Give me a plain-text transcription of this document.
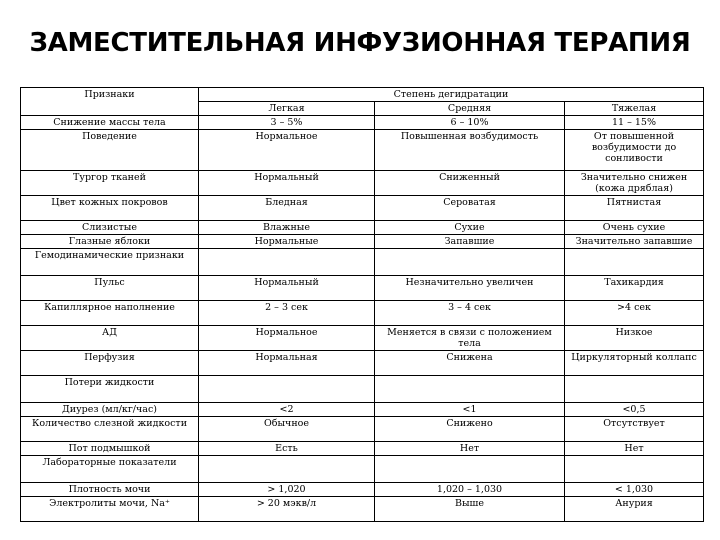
ЗАМЕСТИТЕЛЬНАЯ ИНФУЗИОННАЯ ТЕРАПИЯ
Признаки	Степень дегидратации		
	Легкая	Средняя	Тяжелая
Снижение массы тела	3 – 5%	6 – 10%	11 – 15%
Поведение	Нормальное	Повышенная возбудимость	От повышенной возбудимости до сонливости
Тургор тканей	Нормальный	Сниженный	Значительно снижен (кожа дряблая)
Цвет кожных покровов	Бледная	Сероватая	Пятнистая
Слизистые	Влажные	Сухие	Очень сухие
Глазные яблоки	Нормальные	Запавшие	Значительно запавшие
Гемодинамические признаки			
Пульс	Нормальный	Незначительно увеличен	Тахикардия
Капиллярное наполнение	2 – 3 сек	3 – 4 сек	>4 сек
АД	Нормальное	Меняется в связи с положением тела	Низкое
Перфузия	Нормальная	Снижена	Циркуляторный коллапс
Потери жидкости			
Диурез (мл/кг/час)	<2	<1	<0,5
Количество слезной жидкости	Обычное	Снижено	Отсутствует
Пот подмышкой	Есть	Нет	Нет
Лабораторные показатели			
Плотность мочи	> 1,020	1,020 – 1,030	< 1,030
Электролиты мочи, Na⁺	> 20 мэкв/л	Выше	Анурия
